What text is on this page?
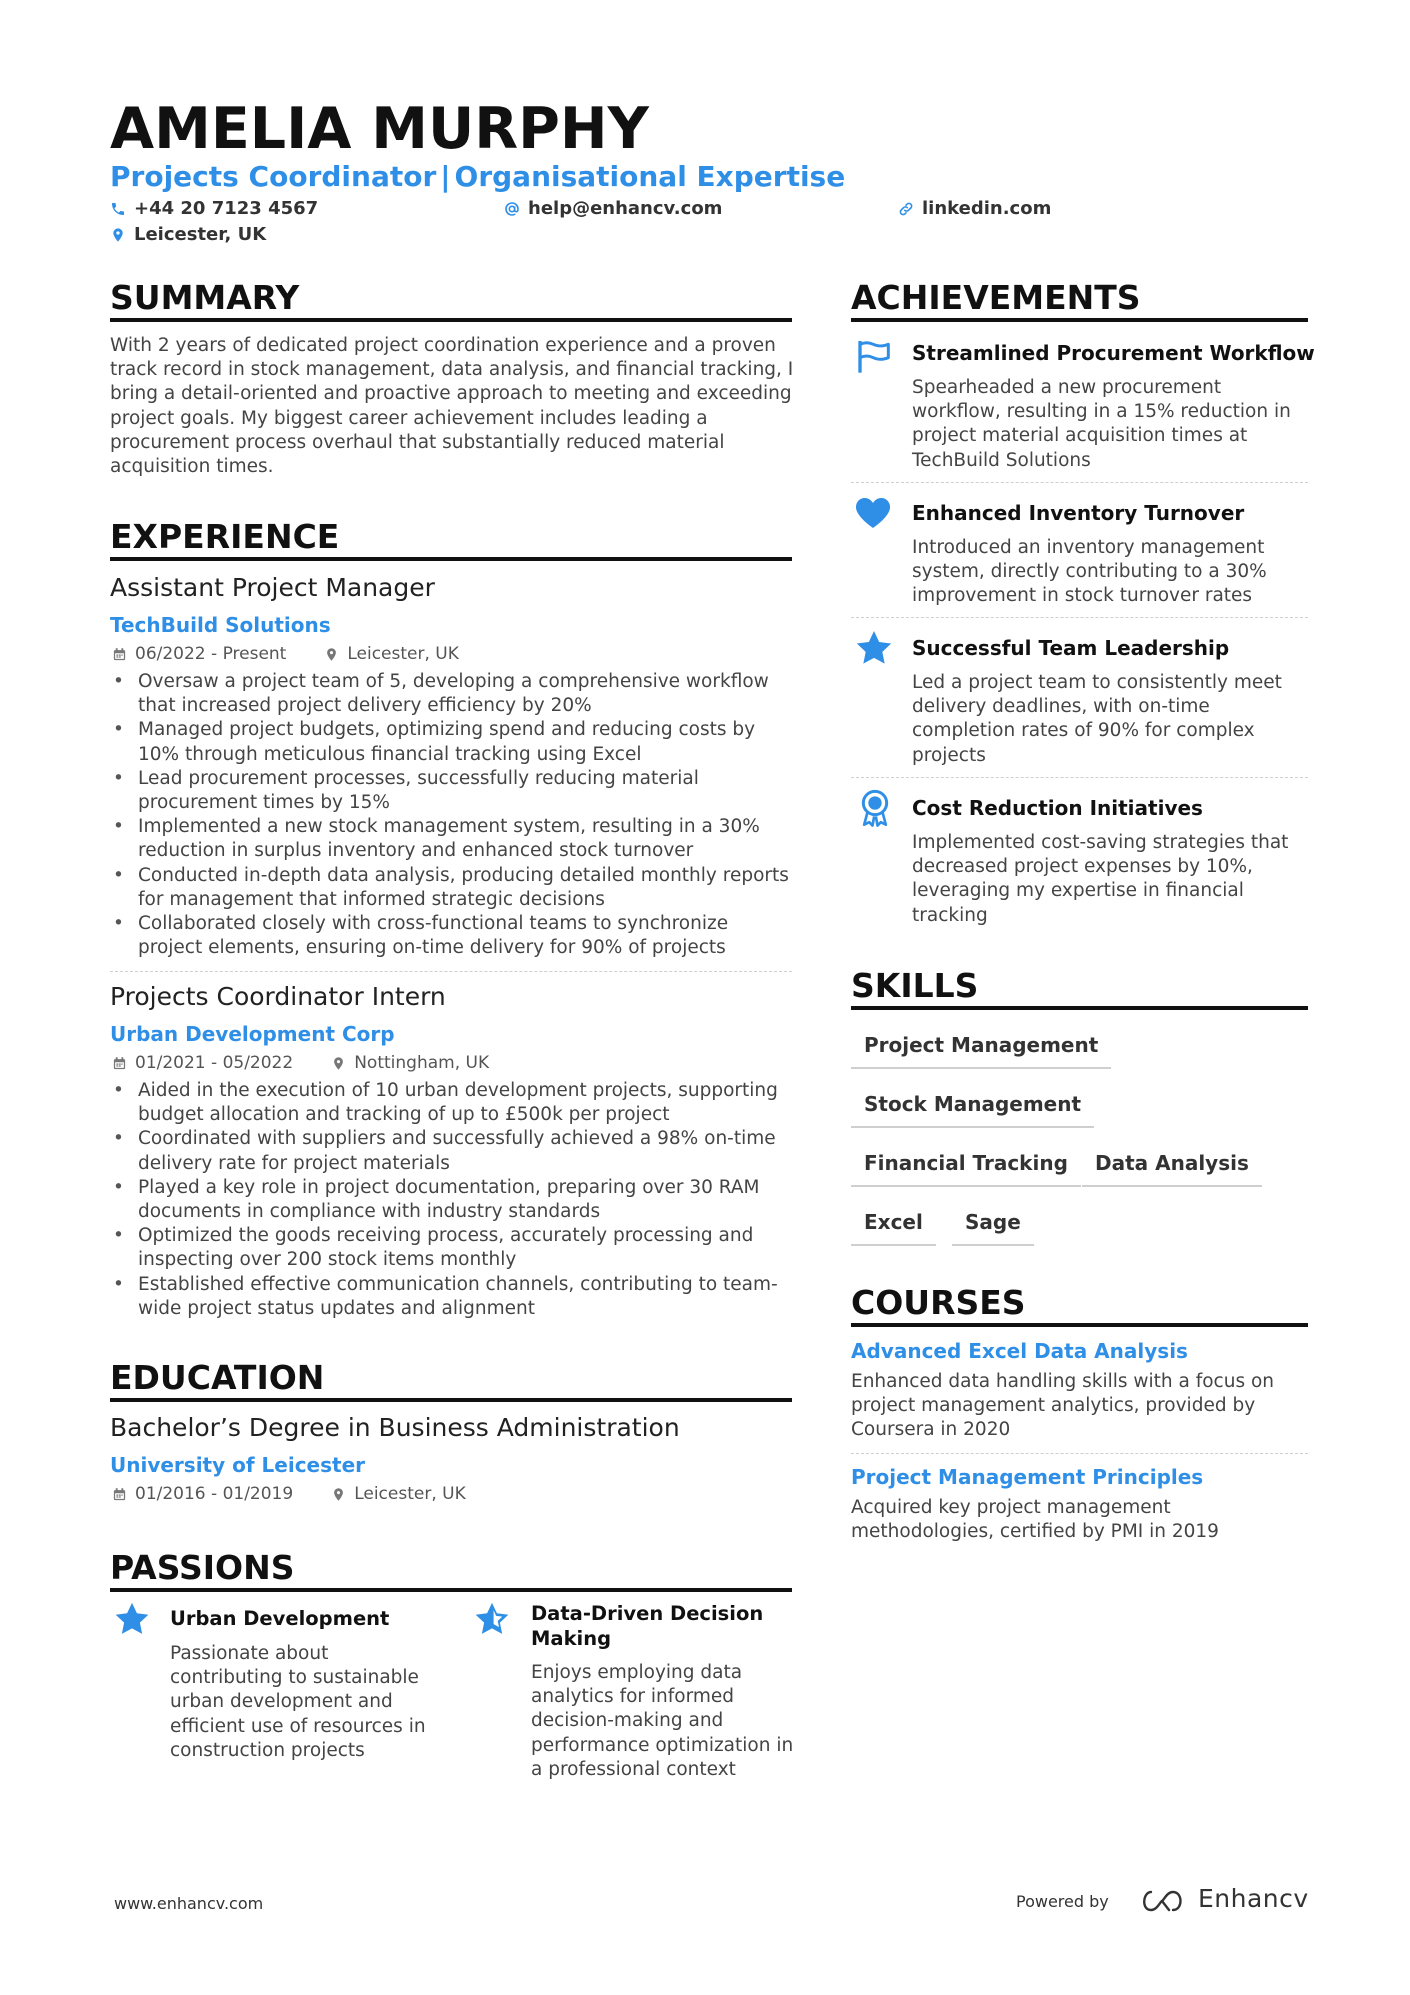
AMELIA MURPHY
Projects Coordinator | Organisational Expertise
+44 20 7123 4567	help@enhancv.com	linkedin.com
Leicester, UK
SUMMARY
With 2 years of dedicated project coordination experience and a proven
track record in stock management, data analysis, and financial tracking, I
bring a detail-oriented and proactive approach to meeting and exceeding
project goals. My biggest career achievement includes leading a
procurement process overhaul that substantially reduced material
acquisition times.
EXPERIENCE
Assistant Project Manager
TechBuild Solutions
06/2022 - Present	Leicester, UK
• Oversaw a project team of 5, developing a comprehensive workflow
that increased project delivery efficiency by 20%
• Managed project budgets, optimizing spend and reducing costs by
10% through meticulous financial tracking using Excel
• Lead procurement processes, successfully reducing material
procurement times by 15%
• Implemented a new stock management system, resulting in a 30%
reduction in surplus inventory and enhanced stock turnover
• Conducted in-depth data analysis, producing detailed monthly reports
for management that informed strategic decisions
• Collaborated closely with cross-functional teams to synchronize
project elements, ensuring on-time delivery for 90% of projects
Projects Coordinator Intern
Urban Development Corp
01/2021 - 05/2022	Nottingham, UK
• Aided in the execution of 10 urban development projects, supporting
budget allocation and tracking of up to £500k per project
• Coordinated with suppliers and successfully achieved a 98% on-time
delivery rate for project materials
• Played a key role in project documentation, preparing over 30 RAM
documents in compliance with industry standards
• Optimized the goods receiving process, accurately processing and
inspecting over 200 stock items monthly
• Established effective communication channels, contributing to team-
wide project status updates and alignment
EDUCATION
Bachelor’s Degree in Business Administration
University of Leicester
01/2016 - 01/2019	Leicester, UK
PASSIONS
Urban Development
Passionate about
contributing to sustainable
urban development and
efficient use of resources in
construction projects
Data-Driven Decision
Making
Enjoys employing data
analytics for informed
decision-making and
performance optimization in
a professional context
ACHIEVEMENTS
Streamlined Procurement Workflow
Spearheaded a new procurement
workflow, resulting in a 15% reduction in
project material acquisition times at
TechBuild Solutions
Enhanced Inventory Turnover
Introduced an inventory management
system, directly contributing to a 30%
improvement in stock turnover rates
Successful Team Leadership
Led a project team to consistently meet
delivery deadlines, with on-time
completion rates of 90% for complex
projects
Cost Reduction Initiatives
Implemented cost-saving strategies that
decreased project expenses by 10%,
leveraging my expertise in financial
tracking
SKILLS
Project Management
Stock Management
Financial Tracking	Data Analysis
Excel	Sage
COURSES
Advanced Excel Data Analysis
Enhanced data handling skills with a focus on
project management analytics, provided by
Coursera in 2020
Project Management Principles
Acquired key project management
methodologies, certified by PMI in 2019
www.enhancv.com	Powered by	Enhancv
